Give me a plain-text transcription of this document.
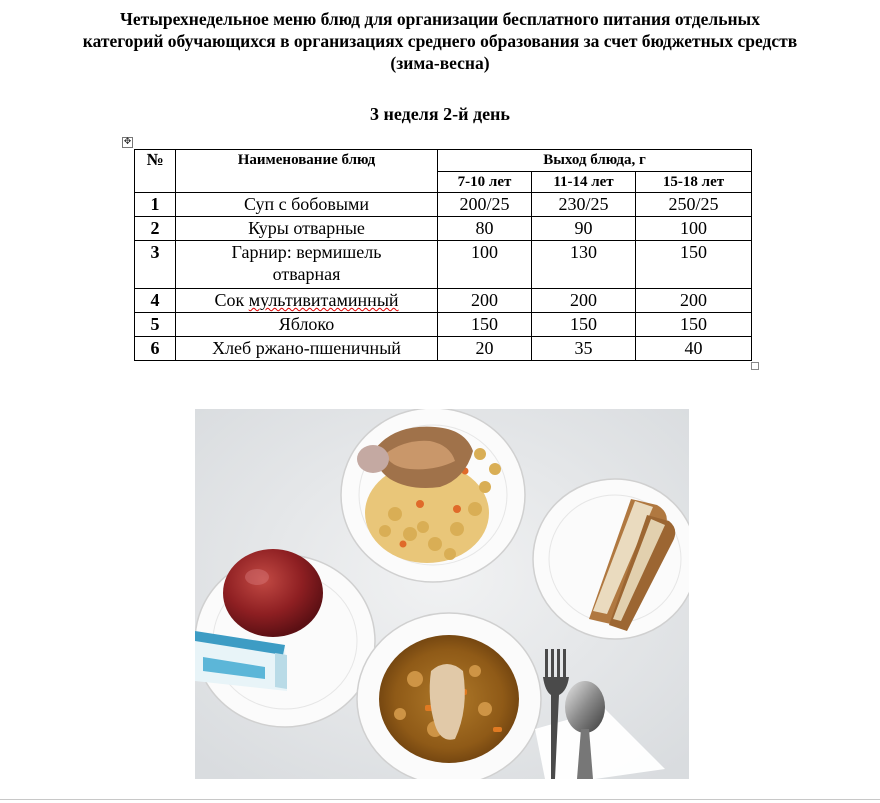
Четырехнедельное меню блюд для организации бесплатного питания отдельных
категорий обучающихся в организациях среднего образования за счет бюджетных средств
(зима-весна)
3 неделя 2-й день
✥
№	Наименование блюд	Выход блюда, г		
		7-10 лет	11-14 лет	15-18 лет
1	Суп с бобовыми	200/25	230/25	250/25
2	Куры отварные	80	90	100
3	Гарнир: вермишель отварная	100	130	150
4	Сок мультивитаминный	200	200	200
5	Яблоко	150	150	150
6	Хлеб ржано-пшеничный	20	35	40
